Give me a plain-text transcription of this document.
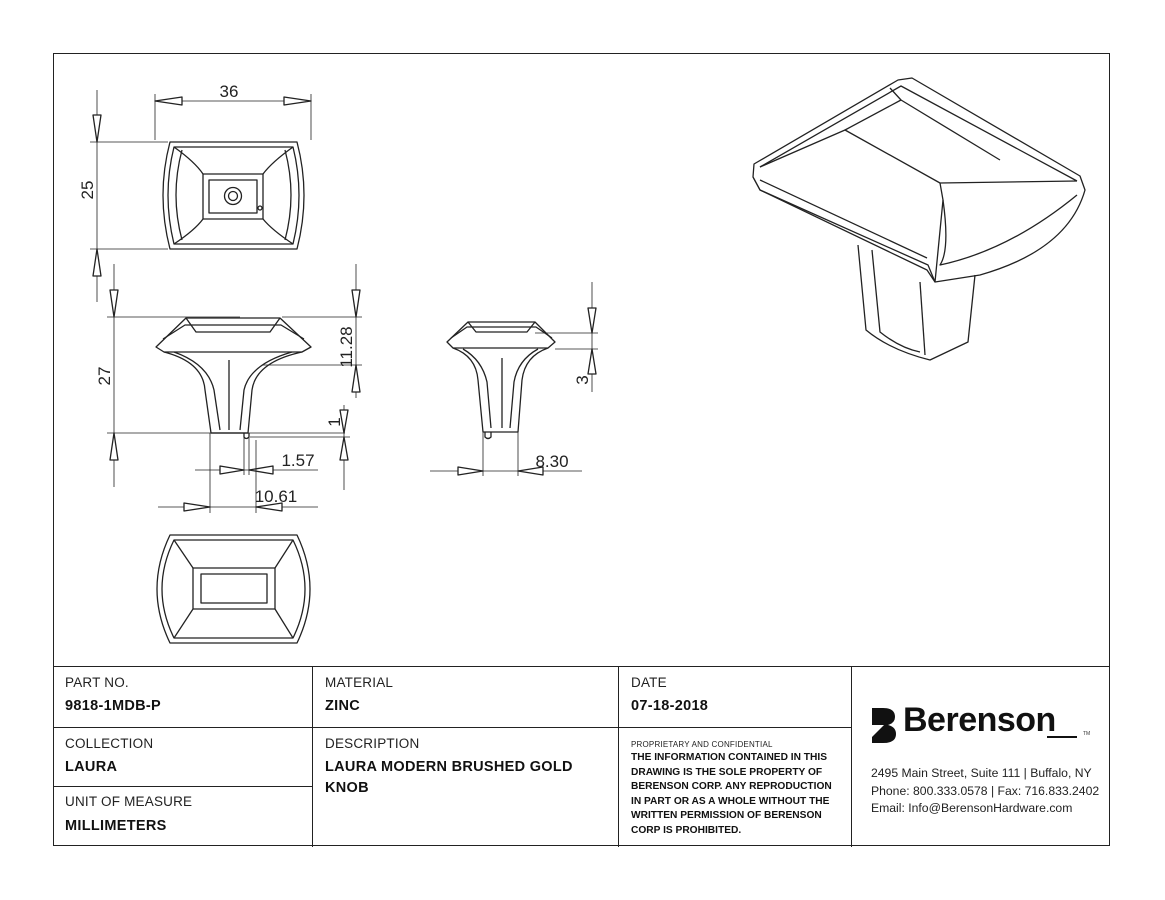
36
25
27
11.28
1
1.57
10.61
3
8.30
PART NO.
9818-1MDB-P
MATERIAL
ZINC
DATE
07-18-2018
COLLECTION
LAURA
DESCRIPTION
LAURA MODERN BRUSHED GOLD
KNOB
UNIT OF MEASURE
MILLIMETERS
PROPRIETARY AND CONFIDENTIAL
THE INFORMATION CONTAINED IN THIS
DRAWING IS THE SOLE PROPERTY OF
BERENSON CORP. ANY REPRODUCTION
IN PART OR AS A WHOLE WITHOUT THE
WRITTEN PERMISSION OF BERENSON
CORP IS PROHIBITED.
Berenson	TM
2495 Main Street, Suite 111 | Buffalo, NY
Phone: 800.333.0578 | Fax: 716.833.2402
Email: Info@BerensonHardware.com
